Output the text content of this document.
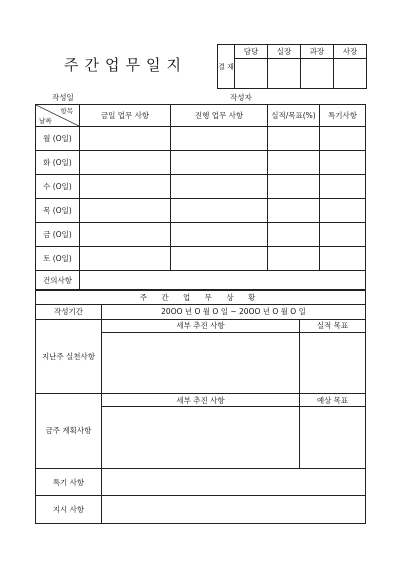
주간업무일지	결 재	담당	실장	과장	사장

작성일	작성자
항목
날짜	금일 업무 사항	진행 업무 사항	실적/목표(%)	특기사항
월 (O일)				
화 (O일)				
수 (O일)				
목 (O일)				
금 (O일)				
토 (O일)				
건의사항				
주 간 업 무 상 황		
작성기간	20OO 년 O 월 O 일 ~ 20OO 년 O 월 O 일	
지난주 실천사항	세부 추진 사항	실적 목표

금주 계획사항	세부 추진 사항	예상 목표

특기 사항		
지시 사항		
